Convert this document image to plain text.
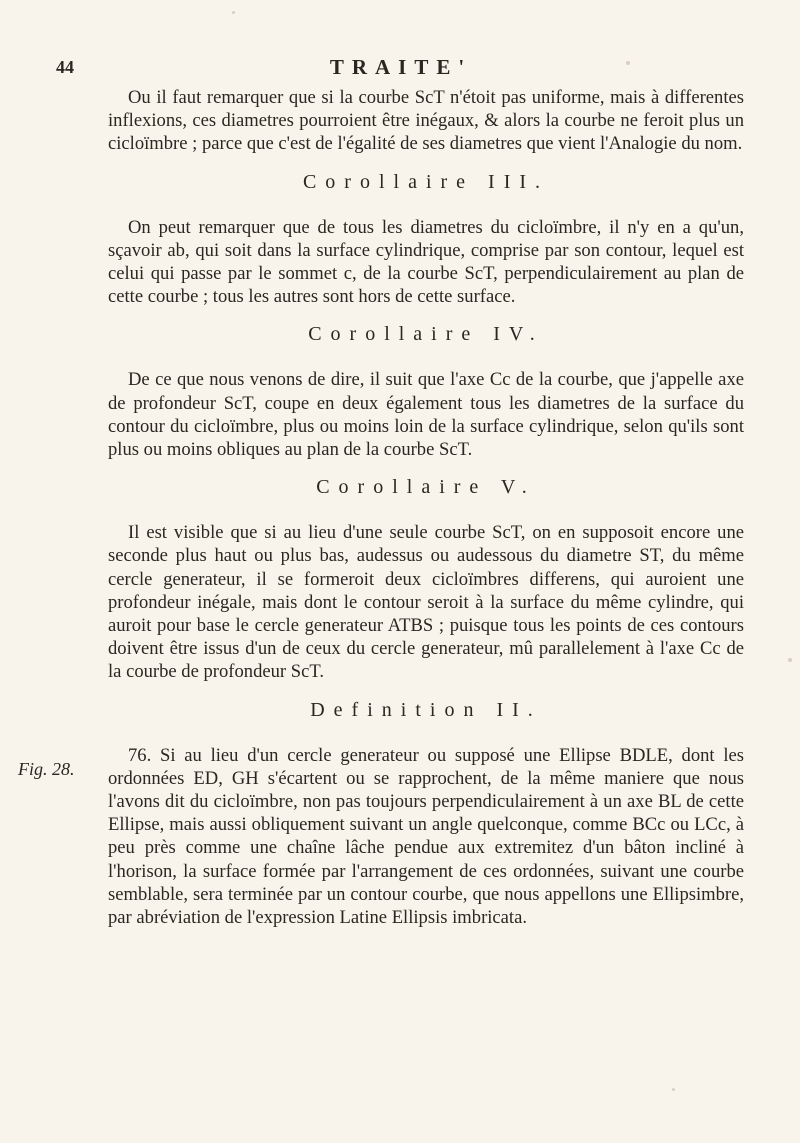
44	TRAITE'
Fig. 28.

Ou il faut remarquer que si la courbe ScT n'étoit pas uniforme, mais à differentes inflexions, ces diametres pourroient être inégaux, & alors la courbe ne feroit plus un cicloïmbre ; parce que c'est de l'égalité de ses diametres que vient l'Analogie du nom.

Corollaire III.

On peut remarquer que de tous les diametres du cicloïmbre, il n'y en a qu'un, sçavoir ab, qui soit dans la surface cylindrique, comprise par son contour, lequel est celui qui passe par le sommet c, de la courbe ScT, perpendiculairement au plan de cette courbe ; tous les autres sont hors de cette surface.

Corollaire IV.

De ce que nous venons de dire, il suit que l'axe Cc de la courbe, que j'appelle axe de profondeur ScT, coupe en deux également tous les diametres de la surface du contour du cicloïmbre, plus ou moins loin de la surface cylindrique, selon qu'ils sont plus ou moins obliques au plan de la courbe ScT.

Corollaire V.

Il est visible que si au lieu d'une seule courbe ScT, on en supposoit encore une seconde plus haut ou plus bas, audessus ou audessous du diametre ST, du même cercle generateur, il se formeroit deux cicloïmbres differens, qui auroient une profondeur inégale, mais dont le contour seroit à la surface du même cylindre, qui auroit pour base le cercle generateur ATBS ; puisque tous les points de ces contours doivent être issus d'un de ceux du cercle generateur, mû parallelement à l'axe Cc de la courbe de profondeur ScT.

Definition II.

76. Si au lieu d'un cercle generateur ou supposé une Ellipse BDLE, dont les ordonnées ED, GH s'écartent ou se rapprochent, de la même maniere que nous l'avons dit du cicloïmbre, non pas toujours perpendiculairement à un axe BL de cette Ellipse, mais aussi obliquement suivant un angle quelconque, comme BCc ou LCc, à peu près comme une chaîne lâche pendue aux extremitez d'un bâton incliné à l'horison, la surface formée par l'arrangement de ces ordonnées, suivant une courbe semblable, sera terminée par un contour courbe, que nous appellons une Ellipsimbre, par abréviation de l'expression Latine Ellipsis imbricata.
